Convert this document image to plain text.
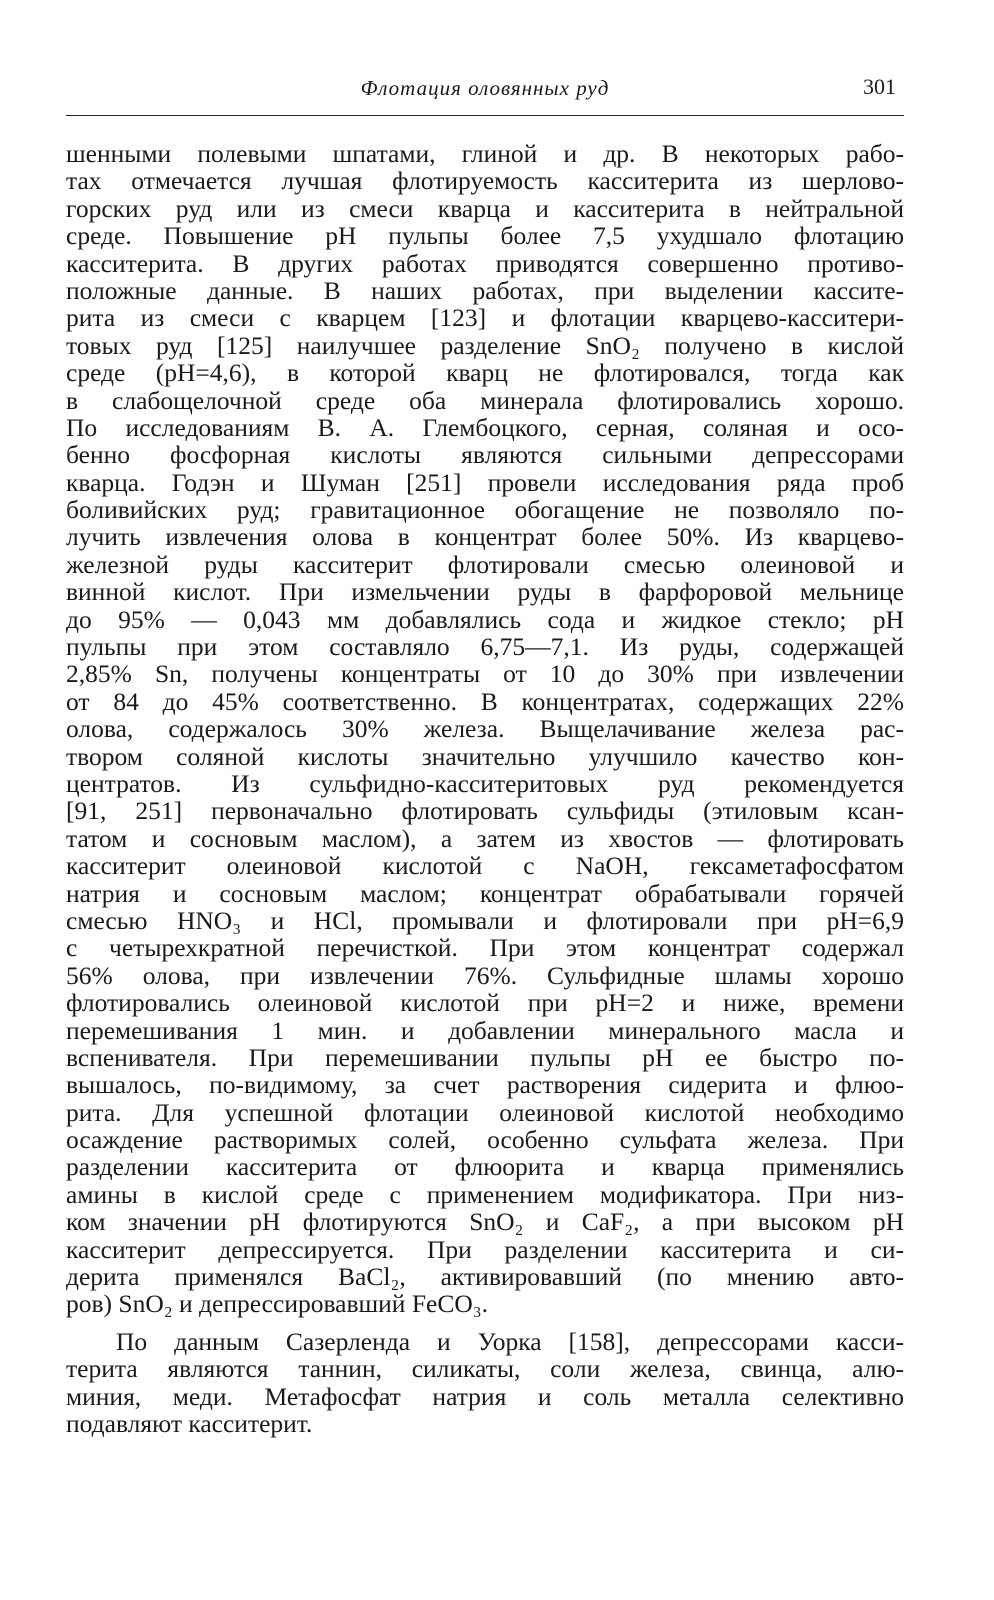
Флотация оловянных руд	301
шенными полевыми шпатами, глиной и др. В некоторых рабо-
тах отмечается лучшая флотируемость касситерита из шерлово-
горских руд или из смеси кварца и касситерита в нейтральной
среде. Повышение pH пульпы более 7,5 ухудшало флотацию
касситерита. В других работах приводятся совершенно противо-
положные данные. В наших работах, при выделении кассите-
рита из смеси с кварцем [123] и флотации кварцево-касситери-
товых руд [125] наилучшее разделение SnO₂ получено в кислой
среде (pH=4,6), в которой кварц не флотировался, тогда как
в слабощелочной среде оба минерала флотировались хорошо.
По исследованиям В. А. Глембоцкого, серная, соляная и осо-
бенно фосфорная кислоты являются сильными депрессорами
кварца. Годэн и Шуман [251] провели исследования ряда проб
боливийских руд; гравитационное обогащение не позволяло по-
лучить извлечения олова в концентрат более 50%. Из кварцево-
железной руды касситерит флотировали смесью олеиновой и
винной кислот. При измельчении руды в фарфоровой мельнице
до 95% — 0,043 мм добавлялись сода и жидкое стекло; pH
пульпы при этом составляло 6,75—7,1. Из руды, содержащей
2,85% Sn, получены концентраты от 10 до 30% при извлечении
от 84 до 45% соответственно. В концентратах, содержащих 22%
олова, содержалось 30% железа. Выщелачивание железа рас-
твором соляной кислоты значительно улучшило качество кон-
центратов. Из сульфидно-касситеритовых руд рекомендуется
[91, 251] первоначально флотировать сульфиды (этиловым ксан-
татом и сосновым маслом), а затем из хвостов — флотировать
касситерит олеиновой кислотой с NaOH, гексаметафосфатом
натрия и сосновым маслом; концентрат обрабатывали горячей
смесью HNO₃ и HCl, промывали и флотировали при pH=6,9
с четырехкратной перечисткой. При этом концентрат содержал
56% олова, при извлечении 76%. Сульфидные шламы хорошо
флотировались олеиновой кислотой при pH=2 и ниже, времени
перемешивания 1 мин. и добавлении минерального масла и
вспенивателя. При перемешивании пульпы pH ее быстро по-
вышалось, по-видимому, за счет растворения сидерита и флюо-
рита. Для успешной флотации олеиновой кислотой необходимо
осаждение растворимых солей, особенно сульфата железа. При
разделении касситерита от флюорита и кварца применялись
амины в кислой среде с применением модификатора. При низ-
ком значении pH флотируются SnO₂ и CaF₂, а при высоком pH
касситерит депрессируется. При разделении касситерита и си-
дерита применялся BaCl₂, активировавший (по мнению авто-
ров) SnO₂ и депрессировавший FeCO₃.
По данным Сазерленда и Уорка [158], депрессорами касси-
терита являются таннин, силикаты, соли железа, свинца, алю-
миния, меди. Метафосфат натрия и соль металла селективно
подавляют касситерит.
